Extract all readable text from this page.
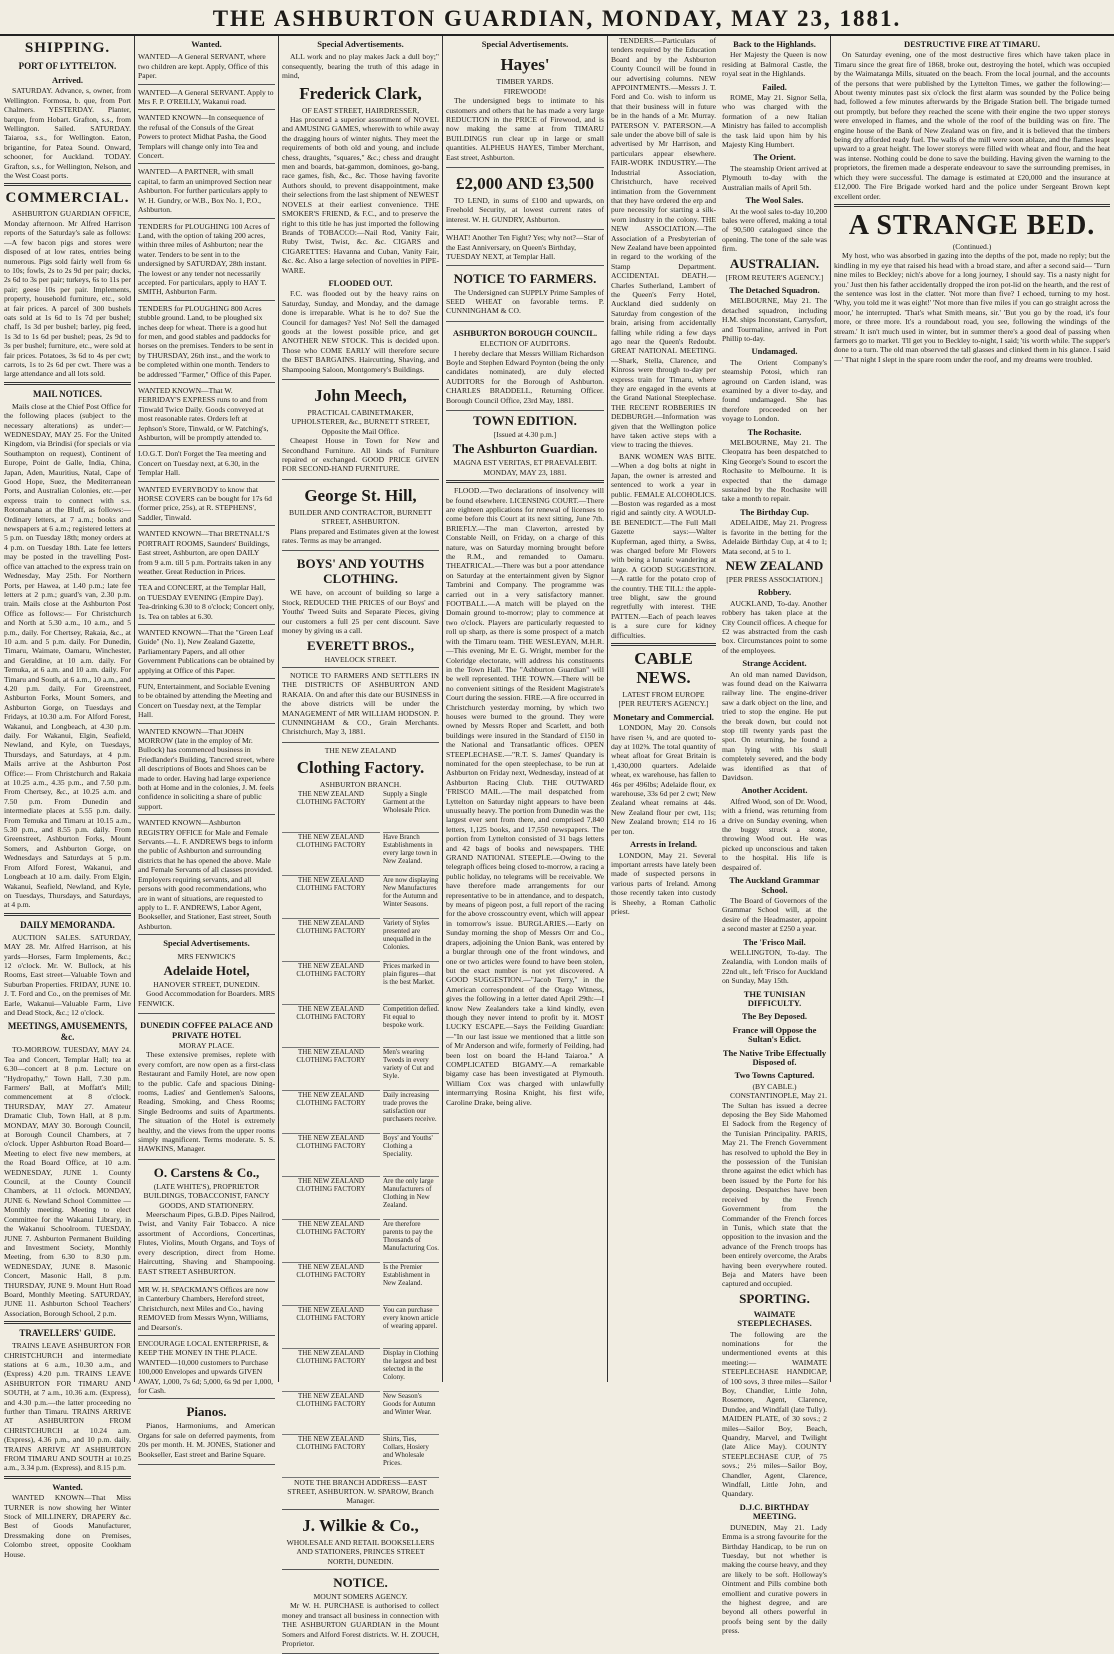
THE ASHBURTON GUARDIAN, MONDAY, MAY 23, 1881.
SHIPPING.
PORT OF LYTTELTON.
Arrived.
SATURDAY. Advance, s, owner, from Wellington. Formosa, b. que, from Port Chalmers. YESTERDAY. Planter, barque, from Hobart. Grafton, s.s., from Wellington. Sailed. SATURDAY. Taiaroa, s.s., for Wellington. Eaton, brigantine, for Patea Sound. Onward, schooner, for Auckland. TODAY. Grafton, s.s., for Wellington, Nelson, and the West Coast ports.
COMMERCIAL.
ASHBURTON GUARDIAN OFFICE, Monday afternoon. Mr Alfred Harrison reports of the Saturday's sale as follows:—A few bacon pigs and stores were disposed of at low rates, entries being numerous. Pigs sold fairly well from 6s to 10s; fowls, 2s to 2s 9d per pair; ducks, 2s 6d to 3s per pair; turkeys, 6s to 11s per pair; geese 10s per pair. Implements, property, household furniture, etc., sold at fair prices. A parcel of 300 bushels oats sold at 1s 6d to 1s 7d per bushel; chaff, 1s 3d per bushel; barley, pig feed, 1s 3d to 1s 6d per bushel; peas, 2s 9d to 3s per bushel; furniture, etc., were sold at fair prices. Potatoes, 3s 6d to 4s per cwt; carrots, 1s to 2s 6d per cwt. There was a large attendance and all lots sold.
MAIL NOTICES.
Mails close at the Chief Post Office for the following places (subject to the necessary alterations) as under:— WEDNESDAY, MAY 25. For the United Kingdom, via Brindisi (for specials or via Southampton on request), Continent of Europe, Point de Galle, India, China, Japan, Aden, Mauritius, Natal, Cape of Good Hope, Suez, the Mediterranean Ports, and Australian Colonies, etc.—per express train to connect with s.s. Rotomahana at the Bluff, as follows:—Ordinary letters, at 7 a.m.; books and newspapers at 6 a.m.; registered letters at 5 p.m. on Tuesday 18th; money orders at 4 p.m. on Tuesday 18th. Late fee letters may be posted in the travelling Post-office van attached to the express train on Wednesday, May 25th. For Northern Ports, per Hawea, at 1.40 p.m.; late fee letters at 2 p.m.; guard's van, 2.30 p.m. train. Mails close at the Ashburton Post Office as follows:— For Christchurch and North at 5.30 a.m., 10 a.m., and 5 p.m., daily. For Chertsey, Rakaia, &c., at 10 a.m. and 5 p.m. daily. For Dunedin, Timaru, Waimate, Oamaru, Winchester, and Geraldine, at 10 a.m. daily. For Temuka, at 6 a.m. and 10 a.m. daily. For Timaru and South, at 6 a.m., 10 a.m., and 4.20 p.m. daily. For Greenstreet, Ashburton Forks, Mount Somers, and Ashburton Gorge, on Tuesdays and Fridays, at 10.30 a.m. For Alford Forest, Wakanui, and Longbeach, at 4.30 p.m. daily. For Wakanui, Elgin, Seafield, Newland, and Kyle, on Tuesdays, Thursdays, and Saturdays, at 4 p.m. Mails arrive at the Ashburton Post Office:— From Christchurch and Rakaia at 10.25 a.m., 4.35 p.m., and 7.50 p.m. From Chertsey, &c., at 10.25 a.m. and 7.50 p.m. From Dunedin and intermediate places at 5.55 p.m. daily. From Temuka and Timaru at 10.15 a.m., 5.30 p.m., and 8.55 p.m. daily. From Greenstreet, Ashburton Forks, Mount Somers, and Ashburton Gorge, on Wednesdays and Saturdays at 5 p.m. From Alford Forest, Wakanui, and Longbeach at 10 a.m. daily. From Elgin, Wakanui, Seafield, Newland, and Kyle, on Tuesdays, Thursdays, and Saturdays, at 4 p.m.
DAILY MEMORANDA.
AUCTION SALES. SATURDAY, MAY 28. Mr. Alfred Harrison, at his yards—Horses, Farm Implements, &c.; 12 o'clock. Mr. W. Bullock, at his Rooms, East street—Valuable Town and Suburban Properties. FRIDAY, JUNE 10. J. T. Ford and Co., on the premises of Mr. Earle, Wakanui—Valuable Farm, Live and Dead Stock, &c.; 12 o'clock.
MEETINGS, AMUSEMENTS, &c.
TO-MORROW. TUESDAY, MAY 24. Tea and Concert, Templar Hall; tea at 6.30—concert at 8 p.m. Lecture on "Hydropathy," Town Hall, 7.30 p.m. Farmers' Ball, at Moffatt's Mill; commencement at 8 o'clock. THURSDAY, MAY 27. Amateur Dramatic Club, Town Hall, at 8 p.m. MONDAY, MAY 30. Borough Council, at Borough Council Chambers, at 7 o'clock. Upper Ashburton Road Board—Meeting to elect five new members, at the Road Board Office, at 10 a.m. WEDNESDAY, JUNE 1. County Council, at the County Council Chambers, at 11 o'clock. MONDAY, JUNE 6. Newland School Committee — Monthly meeting. Meeting to elect Committee for the Wakanui Library, in the Wakanui Schoolroom. TUESDAY, JUNE 7. Ashburton Permanent Building and Investment Society, Monthly Meeting, from 6.30 to 8.30 p.m. WEDNESDAY, JUNE 8. Masonic Concert, Masonic Hall, 8 p.m. THURSDAY, JUNE 9. Mount Hutt Road Board, Monthly Meeting. SATURDAY, JUNE 11. Ashburton School Teachers' Association, Borough School, 2 p.m.
TRAVELLERS' GUIDE.
TRAINS LEAVE ASHBURTON FOR CHRISTCHURCH and intermediate stations at 6 a.m., 10.30 a.m., and (Express) 4.20 p.m. TRAINS LEAVE ASHBURTON FOR TIMARU AND SOUTH, at 7 a.m., 10.36 a.m. (Express), and 4.30 p.m.—the latter proceeding no further than Timaru. TRAINS ARRIVE AT ASHBURTON FROM CHRISTCHURCH at 10.24 a.m. (Express), 4.36 p.m., and 10 p.m. daily. TRAINS ARRIVE AT ASHBURTON FROM TIMARU AND SOUTH at 10.25 a.m., 3.34 p.m. (Express), and 8.15 p.m.
Wanted.
WANTED KNOWN—That Miss TURNER is now showing her Winter Stock of MILLINERY, DRAPERY &c. Best of Goods Manufacturer, Dressmaking done on Premises, Colombo street, opposite Cookham House.
Wanted.
WANTED—A General SERVANT, where two children are kept. Apply, Office of this Paper.
WANTED—A General SERVANT. Apply to Mrs F. P. O'REILLY, Wakanui road.
WANTED KNOWN—In consequence of the refusal of the Consuls of the Great Powers to protect Midhat Pasha, the Good Templars will change only into Tea and Concert.
WANTED—A PARTNER, with small capital, to farm an unimproved Section near Ashburton. For further particulars apply to W. H. Gundry, or W.B., Box No. 1, P.O., Ashburton.
TENDERS for PLOUGHING 100 Acres of Land, with the option of taking 200 acres, within three miles of Ashburton; near the water. Tenders to be sent in to the undersigned by SATURDAY, 28th instant. The lowest or any tender not necessarily accepted. For particulars, apply to HAY T. SMITH, Ashburton Farm.
TENDERS for PLOUGHING 800 Acres stubble ground. Land, to be ploughed six inches deep for wheat. There is a good hut for men, and good stables and paddocks for horses on the premises. Tenders to be sent in by THURSDAY, 26th inst., and the work to be completed within one month. Tenders to be addressed "Farmer," Office of this Paper.
WANTED KNOWN—That W. FERRIDAY'S EXPRESS runs to and from Tinwald Twice Daily. Goods conveyed at most reasonable rates. Orders left at Jephson's Store, Tinwald, or W. Patching's, Ashburton, will be promptly attended to.
I.O.G.T. Don't Forget the Tea meeting and Concert on Tuesday next, at 6.30, in the Templar Hall.
WANTED EVERYBODY to know that HORSE COVERS can be bought for 17s 6d (former price, 25s), at R. STEPHENS', Saddler, Tinwald.
WANTED KNOWN—That BRETNALL'S PORTRAIT ROOMS, Saunders' Buildings, East street, Ashburton, are open DAILY from 9 a.m. till 5 p.m. Portraits taken in any weather. Great Reduction in Prices.
TEA and CONCERT, at the Templar Hall, on TUESDAY EVENING (Empire Day). Tea-drinking 6.30 to 8 o'clock; Concert only, 1s. Tea on tables at 6.30.
WANTED KNOWN—That the "Green Leaf Guide" (No. 1), New Zealand Gazette, Parliamentary Papers, and all other Government Publications can be obtained by applying at Office of this Paper.
FUN, Entertainment, and Sociable Evening to be obtained by attending the Meeting and Concert on Tuesday next, at the Templar Hall.
WANTED KNOWN—That JOHN MORROW (late in the employ of Mr. Bullock) has commenced business in Friedlander's Building, Tancred street, where all descriptions of Boots and Shoes can be made to order. Having had large experience both at Home and in the colonies, J. M. feels confidence in soliciting a share of public support.
WANTED KNOWN—Ashburton REGISTRY OFFICE for Male and Female Servants.—L. F. ANDREWS begs to inform the public of Ashburton and surrounding districts that he has opened the above. Male and Female Servants of all classes provided. Employers requiring servants, and all persons with good recommendations, who are in want of situations, are requested to apply to L. F. ANDREWS, Labor Agent, Bookseller, and Stationer, East street, South Ashburton.
Special Advertisements.
MRS FENWICK'S
Adelaide Hotel,
HANOVER STREET, DUNEDIN.
Good Accommodation for Boarders. MRS FENWICK.
DUNEDIN COFFEE PALACE AND PRIVATE HOTEL
MORAY PLACE.
These extensive premises, replete with every comfort, are now open as a first-class Restaurant and Family Hotel, are now open to the public. Cafe and spacious Dining-rooms, Ladies' and Gentlemen's Saloons, Reading, Smoking, and Chess Rooms; Single Bedrooms and suits of Apartments. The situation of the Hotel is extremely healthy, and the views from the upper rooms simply magnificent. Terms moderate. S. S. HAWKINS, Manager.
O. Carstens & Co.,
(LATE WHITE'S), PROPRIETOR BUILDINGS, TOBACCONIST, FANCY GOODS, AND STATIONERY.
Meerschaum Pipes, G.B.D. Pipes Nailrod, Twist, and Vanity Fair Tobacco. A nice assortment of Accordions, Concertinas, Flutes, Violins, Mouth Organs, and Toys of every description, direct from Home. Haircutting, Shaving and Shampooing. EAST STREET ASHBURTON.
MR W. H. SPACKMAN'S Offices are now in Canterbury Chambers, Hereford street, Christchurch, next Miles and Co., having REMOVED from Messrs Wynn, Williams, and Dearson's.
ENCOURAGE LOCAL ENTERPRISE, & KEEP THE MONEY IN THE PLACE. WANTED—10,000 customers to Purchase 100,000 Envelopes and upwards GIVEN AWAY, 1,000, 7s 6d; 5,000, 6s 9d per 1,000, for Cash.
Pianos.
Pianos, Harmoniums, and American Organs for sale on deferred payments, from 20s per month. H. M. JONES, Stationer and Bookseller, East street and Barine Square.
Special Advertisements.
ALL work and no play makes Jack a dull boy;" consequently, bearing the truth of this adage in mind,
Frederick Clark,
OF EAST STREET, HAIRDRESSER,
Has procured a superior assortment of NOVEL and AMUSING GAMES, wherewith to while away the dragging hours of winter nights. They meet the requirements of both old and young, and include chess, draughts, "squares," &c.; chess and draught men and boards, bat-gammon, dominoes, go-bang, race games, fish, &c., &c. Those having favorite Authors should, to prevent disappointment, make their selections from the last shipment of NEWEST NOVELS at their earliest convenience. THE SMOKER'S FRIEND, & F.C., and to preserve the right to this title he has just imported the following Brands of TOBACCO:—Nail Rod, Vanity Fair, Ruby Twist, Twist, &c. &c. CIGARS and CIGARETTES: Havanna and Cuban, Vanity Fair, &c. &c. Also a large selection of novelties in PIPE-WARE.
FLOODED OUT.
F.C. was flooded out by the heavy rains on Saturday, Sunday, and Monday, and the damage done is irreparable. What is he to do? Sue the Council for damages? Yes! No! Sell the damaged goods at the lowest possible price, and get ANOTHER NEW STOCK. This is decided upon. Those who COME EARLY will therefore secure the BEST BARGAINS. Haircutting, Shaving, and Shampooing Saloon, Montgomery's Buildings.
John Meech,
PRACTICAL CABINETMAKER, UPHOLSTERER, &c., BURNETT STREET, Opposite the Mail Office.
Cheapest House in Town for New and Secondhand Furniture. All kinds of Furniture repaired or exchanged. GOOD PRICE GIVEN FOR SECOND-HAND FURNITURE.
George St. Hill,
BUILDER AND CONTRACTOR, BURNETT STREET, ASHBURTON.
Plans prepared and Estimates given at the lowest rates. Terms as may be arranged.
BOYS' AND YOUTHS CLOTHING.
WE have, on account of building so large a Stock, REDUCED THE PRICES of our Boys' and Youths' Tweed Suits and Separate Pieces, giving our customers a full 25 per cent discount. Save money by giving us a call.
EVERETT BROS.,
HAVELOCK STREET.
NOTICE TO FARMERS AND SETTLERS IN THE DISTRICTS OF ASHBURTON AND RAKAIA. On and after this date our BUSINESS in the above districts will be under the MANAGEMENT of MR WILLIAM HODSON. P. CUNNINGHAM & CO., Grain Merchants. Christchurch, May 3, 1881.
THE NEW ZEALAND
Clothing Factory.
ASHBURTON BRANCH.
THE NEW ZEALAND CLOTHING FACTORY
THE NEW ZEALAND CLOTHING FACTORY
THE NEW ZEALAND CLOTHING FACTORY
THE NEW ZEALAND CLOTHING FACTORY
THE NEW ZEALAND CLOTHING FACTORY
THE NEW ZEALAND CLOTHING FACTORY
THE NEW ZEALAND CLOTHING FACTORY
THE NEW ZEALAND CLOTHING FACTORY
THE NEW ZEALAND CLOTHING FACTORY
THE NEW ZEALAND CLOTHING FACTORY
THE NEW ZEALAND CLOTHING FACTORY
THE NEW ZEALAND CLOTHING FACTORY
THE NEW ZEALAND CLOTHING FACTORY
THE NEW ZEALAND CLOTHING FACTORY
THE NEW ZEALAND CLOTHING FACTORY
THE NEW ZEALAND CLOTHING FACTORY
Supply a Single Garment at the Wholesale Price.
Have Branch Establishments in every large town in New Zealand.
Are now displaying New Manufactures for the Autumn and Winter Seasons.
Variety of Styles presented are unequalled in the Colonies.
Prices marked in plain figures—that is the best Market.
Competition defied. Fit equal to bespoke work.
Men's wearing Tweeds in every variety of Cut and Style.
Daily increasing trade proves the satisfaction our purchasers receive.
Boys' and Youths' Clothing a Speciality.
Are the only large Manufacturers of Clothing in New Zealand.
Are therefore parents to pay the Thousands of Manufacturing Cos.
Is the Premier Establishment in New Zealand.
You can purchase every known article of wearing apparel.
Display in Clothing the largest and best selected in the Colony.
New Season's Goods for Autumn and Winter Wear.
Shirts, Ties, Collars, Hosiery and Wholesale Prices.
NOTE THE BRANCH ADDRESS—EAST STREET, ASHBURTON. W. SPAROW, Branch Manager.
J. Wilkie & Co.,
WHOLESALE AND RETAIL BOOKSELLERS AND STATIONERS, PRINCES STREET NORTH, DUNEDIN.
NOTICE.
MOUNT SOMERS AGENCY.
Mr W. H. PURCHASE is authorised to collect money and transact all business in connection with THE ASHBURTON GUARDIAN in the Mount Somers and Alford Forest districts. W. H. ZOUCH, Proprietor.
Special Advertisements.
Hayes'
TIMBER YARDS.
FIREWOOD!
The undersigned begs to intimate to his customers and others that he has made a very large REDUCTION in the PRICE of Firewood, and is now making the same at from TIMARU BUILDINGS run clear up in large or small quantities. ALPHEUS HAYES, Timber Merchant, East street, Ashburton.
£2,000 AND £3,500
TO LEND, in sums of £100 and upwards, on Freehold Security, at lowest current rates of interest. W. H. GUNDRY, Ashburton.
WHAT! Another Ten Fight? Yes; why not?—Star of the East Anniversary, on Queen's Birthday, TUESDAY NEXT, at Templar Hall.
NOTICE TO FARMERS.
The Undersigned can SUPPLY Prime Samples of SEED WHEAT on favorable terms. P. CUNNINGHAM & CO.
ASHBURTON BOROUGH COUNCIL.
ELECTION OF AUDITORS.
I hereby declare that Messrs William Richardson Boyle and Stephen Edward Poynton (being the only candidates nominated), are duly elected AUDITORS for the Borough of Ashburton. CHARLES BRADDELL, Returning Officer. Borough Council Office, 23rd May, 1881.
TOWN EDITION.
[Issued at 4.30 p.m.]
The Ashburton Guardian.
MAGNA EST VERITAS, ET PRAEVALEBIT.
MONDAY, MAY 23, 1881.
FLOOD.—Two declarations of insolvency will be found elsewhere. LICENSING COURT.—There are eighteen applications for renewal of licenses to come before this Court at its next sitting, June 7th. BRIEFLY.—The man Claverton, arrested by Constable Neill, on Friday, on a charge of this nature, was on Saturday morning brought before the R.M., and remanded to Oamaru. THEATRICAL.—There was but a poor attendance on Saturday at the entertainment given by Signor Tambrini and Company. The programme was carried out in a very satisfactory manner. FOOTBALL.—A match will be played on the Domain ground to-morrow; play to commence at two o'clock. Players are particularly requested to roll up sharp, as there is some prospect of a match with the Timaru team. THE WESLEYAN, M.H.R.—This evening, Mr E. G. Wright, member for the Coleridge electorate, will address his constituents in the Town Hall. The "Ashburton Guardian" will be well represented. THE TOWN.—There will be no convenient sittings of the Resident Magistrate's Court during the session. FIRE.—A fire occurred in Christchurch yesterday morning, by which two houses were burned to the ground. They were owned by Messrs Roper and Scarlett, and both buildings were insured in the Standard of £150 in the National and Transatlantic offices. OPEN STEEPLECHASE.—"R.T. S. James' Quandary is nominated for the open steeplechase, to be run at Ashburton on Friday next, Wednesday, instead of at Ashburton Racing Club. THE OUTWARD 'FRISCO MAIL.—The mail despatched from Lyttelton on Saturday night appears to have been unusually heavy. The portion from Dunedin was the largest ever sent from there, and comprised 7,840 letters, 1,125 books, and 17,550 newspapers. The portion from Lyttelton consisted of 31 bags letters and 42 bags of books and newspapers. THE GRAND NATIONAL STEEPLE.—Owing to the telegraph offices being closed to-morrow, a racing a public holiday, no telegrams will be receivable. We have therefore made arrangements for our representative to be in attendance, and to despatch, by means of pigeon post, a full report of the racing for the above crosscountry event, which will appear in tomorrow's issue. BURGLARIES.—Early on Sunday morning the shop of Messrs Orr and Co., drapers, adjoining the Union Bank, was entered by a burglar through one of the front windows, and one or two articles were found to have been stolen, but the exact number is not yet discovered. A GOOD SUGGESTION.—"Jacob Terry," in the American correspondent of the Otago Witness, gives the following in a letter dated April 29th:—I know New Zealanders take a kind kindly, even though they never intend to profit by it. MOST LUCKY ESCAPE.—Says the Feilding Guardian:—"In our last issue we mentioned that a little son of Mr Anderson and wife, formerly of Feilding, had been lost on board the H-land Taiaroa." A COMPLICATED BIGAMY.—A remarkable bigamy case has been investigated at Plymouth. William Cox was charged with unlawfully intermarrying Rosina Knight, his first wife, Caroline Drake, being alive.
TENDERS.—Particulars of tenders required by the Education Board and by the Ashburton County Council will be found in our advertising columns. NEW APPOINTMENTS.—Messrs J. T. Ford and Co. wish to inform us that their business will in future be in the hands of a Mr. Murray. PATERSON V. PATERSON.—A sale under the above bill of sale is advertised by Mr Harrison, and particulars appear elsewhere. FAIR-WORK INDUSTRY.—The Industrial Association, Christchurch, have received intimation from the Government that they have ordered the erp and pure necessity for starting a silk-worn industry in the colony. THE NEW ASSOCIATION.—The Association of a Presbyterian of New Zealand have been appointed in regard to the working of the Stamp Department. ACCIDENTAL DEATH.—Charles Sutherland, Lambert of the Queen's Ferry Hotel, Auckland died suddenly on Saturday from congestion of the brain, arising from accidentally falling while riding a few days ago near the Queen's Redoubt. GREAT NATIONAL MEETING.—Shark, Stella, Clarence, and Kinross were through to-day per express train for Timaru, where they are engaged in the events at the Grand National Steeplechase. THE RECENT ROBBERIES IN DEDBURGH.—Information was given that the Wellington police have taken active steps with a view to tracing the thieves.
BANK WOMEN WAS BITE.—When a dog bolts at night in Japan, the owner is arrested and sentenced to work a year in public. FEMALE ALCOHOLICS.—Boston was regarded as a most rigid and saintly city. A WOULD-BE BENEDICT.—The Full Mall Gazette says:—Walter Kupferman, aged thirty, a Swiss, was charged before Mr Flowers with being a lunatic wandering at large. A GOOD SUGGESTION.—A rattle for the potato crop of the country. THE TILL: the apple-tree blight, saw the ground regretfully with interest. THE PATTEN.—Each of peach leaves is a sure cure for kidney difficulties.
CABLE NEWS.
LATEST FROM EUROPE
[PER REUTER'S AGENCY.]
Monetary and Commercial.
LONDON, May 20. Consols have risen ⅛, and are quoted to-day at 102⅝. The total quantity of wheat afloat for Great Britain is 1,430,000 quarters. Adelaide wheat, ex warehouse, has fallen to 46s per 496lbs; Adelaide flour, ex warehouse, 33s 6d per 2 cwt; New Zealand wheat remains at 44s. New Zealand flour per cwt, 11s; New Zealand brown; £14 ro 16 per ton.
Arrests in Ireland.
LONDON, May 21. Several important arrests have lately been made of suspected persons in various parts of Ireland. Among those recently taken into custody is Sheehy, a Roman Catholic priest.
Back to the Highlands.
Her Majesty the Queen is now residing at Balmoral Castle, the royal seat in the Highlands.
Failed.
ROME, May 21. Signor Sella, who was charged with the formation of a new Italian Ministry has failed to accomplish the task laid upon him by his Majesty King Humbert.
The Orient.
The steamship Orient arrived at Plymouth to-day with the Australian mails of April 5th.
The Wool Sales.
At the wool sales to-day 10,200 bales were offered, making a total of 90,500 catalogued since the opening. The tone of the sale was firm.
AUSTRALIAN.
[FROM REUTER'S AGENCY.]
The Detached Squadron.
MELBOURNE, May 21. The detached squadron, including H.M. ships Inconstant, Carrysfort, and Tourmaline, arrived in Port Phillip to-day.
Undamaged.
The Orient Company's steamship Potosi, which ran aground on Carden island, was examined by a diver to-day, and found undamaged. She has therefore proceeded on her voyage to London.
The Rochasite.
MELBOURNE, May 21. The Cleopatra has been despatched to King George's Sound to escort the Rochasite to Melbourne. It is expected that the damage sustained by the Rochasite will take a month to repair.
The Birthday Cup.
ADELAIDE, May 21. Progress is favorite in the betting for the Adelaide Birthday Cup, at 4 to 1; Mata second, at 5 to 1.
NEW ZEALAND
[PER PRESS ASSOCIATION.]
Robbery.
AUCKLAND, To-day. Another robbery has taken place at the City Council offices. A cheque for £2 was abstracted from the cash box. Circumstances point to some of the employees.
Strange Accident.
An old man named Davidson, was found dead on the Kaiwarra railway line. The engine-driver saw a dark object on the line, and tried to stop the engine. He put the break down, but could not stop till twenty yards past the spot. On returning, he found a man lying with his skull completely severed, and the body was identified as that of Davidson.
Another Accident.
Alfred Wood, son of Dr. Wood, with a friend, was returning from a drive on Sunday evening, when the buggy struck a stone, throwing Wood out. He was picked up unconscious and taken to the hospital. His life is despaired of.
The Auckland Grammar School.
The Board of Governors of the Grammar School will, at the desire of the Headmaster, appoint a second master at £250 a year.
The 'Frisco Mail.
WELLINGTON, To-day. The Zealandia, with London mails of 22nd ult., left 'Frisco for Auckland on Sunday, May 15th.
THE TUNISIAN DIFFICULTY.
The Bey Deposed.
France will Oppose the Sultan's Edict.
The Native Tribe Effectually Disposed of.
Two Towns Captured.
(BY CABLE.)
CONSTANTINOPLE, May 21. The Sultan has issued a decree deposing the Bey Side Mahomed El Sadock from the Regency of the Tunisian Principality. PARIS, May 21. The French Government has resolved to uphold the Bey in the possession of the Tunisian throne against the edict which has been issued by the Porte for his deposing. Despatches have been received by the French Government from the Commander of the French forces in Tunis, which state that the opposition to the invasion and the advance of the French troops has been entirely overcome, the Arabs having been everywhere routed. Beja and Maters have been captured and occupied.
SPORTING.
WAIMATE STEEPLECHASES.
The following are the nominations for the undermentioned events at this meeting:— WAIMATE STEEPLECHASE HANDICAP, of 100 sovs, 3 three miles—Sailor Boy, Chandler, Little John, Rosemore, Agent, Clarence, Dundee, and Windfall (late Tully). MAIDEN PLATE, of 30 sovs.; 2 miles—Sailor Boy, Beach, Quandry, Marvel, and Twilight (late Alice May). COUNTY STEEPLECHASE CUP, of 75 sovs.; 2½ miles—Sailor Boy, Chandler, Agent, Clarence, Windfall, Little John, and Quandary.
D.J.C. BIRTHDAY MEETING.
DUNEDIN, May 21. Lady Emma is a strong favourite for the Birthday Handicap, to be run on Tuesday, but not whether is making the course heavy, and they are likely to be soft. Holloway's Ointment and Pills combine both emollient and curative powers in the highest degree, and are beyond all others powerful in proofs being sent by the daily press.
DESTRUCTIVE FIRE AT TIMARU.
On Saturday evening, one of the most destructive fires which have taken place in Timaru since the great fire of 1868, broke out, destroying the hotel, which was occupied by the Waimatanga Mills, situated on the beach. From the local journal, and the accounts of the persons that were published by the Lyttelton Times, we gather the following:—About twenty minutes past six o'clock the first alarm was sounded by the Police being had, followed a few minutes afterwards by the Brigade Station bell. The brigade turned out promptly, but before they reached the scene with their engine the two upper storeys were enveloped in flames, and the whole of the roof of the building was on fire. The engine house of the Bank of New Zealand was on fire, and it is believed that the timbers being dry afforded ready fuel. The walls of the mill were soon ablaze, and the flames leapt upward to a great height. The lower storeys were filled with wheat and flour, and the heat was intense. Nothing could be done to save the building. Having given the warning to the proprietors, the firemen made a desperate endeavour to save the surrounding premises, in which they were successful. The damage is estimated at £20,000 and the insurance at £12,000. The Fire Brigade worked hard and the police under Sergeant Brown kept excellent order.
A STRANGE BED.
(Continued.)
My host, who was absorbed in gazing into the depths of the pot, made no reply; but the kindling in my eye that raised his head with a broad stare, and after a second said— 'Turn nine miles to Beckley; nich's above for a long journey, I should say. Tis a nasty night for you.' Just then his father accidentally dropped the iron pot-lid on the hearth, and the rest of the sentence was lost in the clatter. 'Not more than five? I echoed, turning to my host. 'Why, you told me it was eight!' 'Not more than five miles if you can go straight across the moor,' he interrupted. 'That's what Smith means, sir.' 'But you go by the road, it's four more, or three more. It's a roundabout road, you see, following the windings of the stream.' It isn't much used in winter, but in summer there's a good deal of passing when farmers go to market. 'I'll get you to Beckley to-night, I said; 'tis worth while. The supper's done to a turn. The old man observed the tall glasses and clinked them in his glance. I said—' That night I slept in the spare room under the roof, and my dreams were troubled.
